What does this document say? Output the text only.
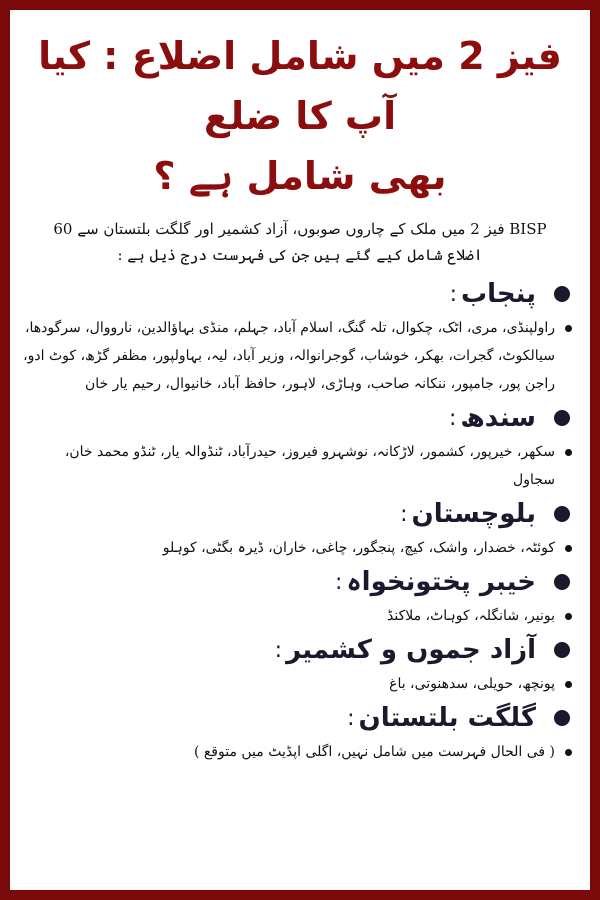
فیز 2 میں شامل اضلاع : کیا آپ کا ضلع
بھی شامل ہے ؟
BISP فیز 2 میں ملک کے چاروں صوبوں، آزاد کشمیر اور گلگت بلتستان سے 60 اضلاع شامل کیے گئے ہیں جن کی فہرست درج ذیل ہے :
پنجاب
:
راولپنڈی، مری، اٹک، چکوال، تلہ گنگ، اسلام آباد، جہلم، منڈی بہاؤالدین، نارووال، سرگودھا، سیالکوٹ، گجرات، بھکر، خوشاب، گوجرانوالہ، وزیر آباد، لیہ، بہاولپور، مظفر گڑھ، کوٹ ادو، راجن پور، جامپور، ننکانہ صاحب، وہاڑی، لاہور، حافظ آباد، خانیوال، رحیم یار خان
سندھ
:
سکھر، خیرپور، کشمور، لاڑکانہ، نوشہرو فیروز، حیدرآباد، ٹنڈوالہ یار، ٹنڈو محمد خان، سجاول
بلوچستان
:
کوئٹہ، خضدار، واشک، کیچ، پنجگور، چاغی، خاران، ڈیرہ بگٹی، کوہلو
خیبر پختونخواہ
:
بونیر، شانگلہ، کوہاٹ، ملاکنڈ
آزاد جموں و کشمیر
:
پونچھ، حویلی، سدھنوتی، باغ
گلگت بلتستان
:
( فی الحال فہرست میں شامل نہیں، اگلی اپڈیٹ میں متوقع )
